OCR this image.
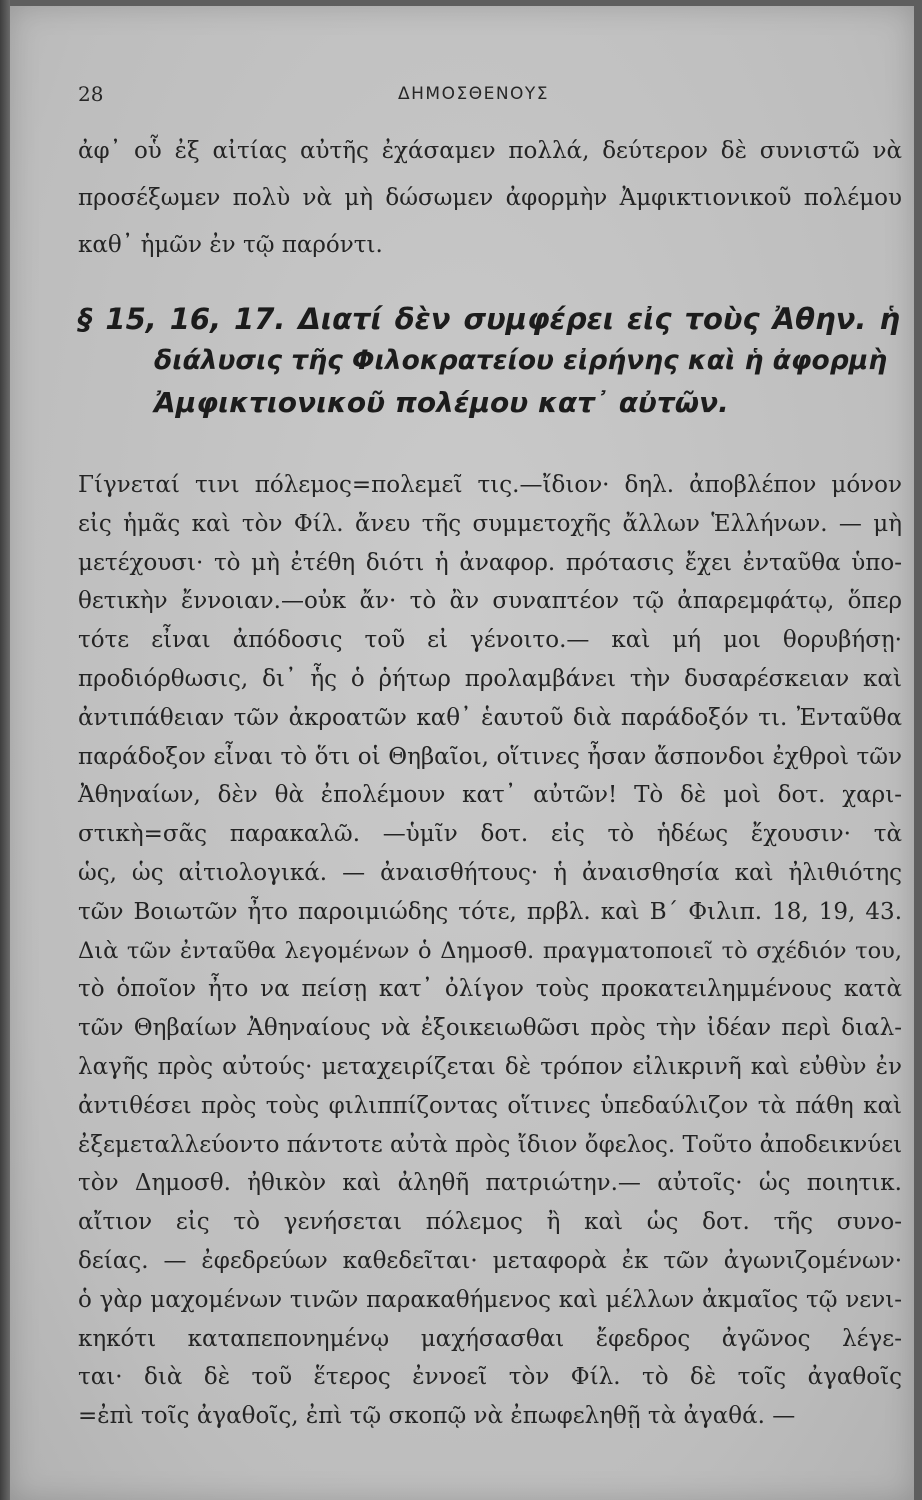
28	ΔΗΜΟΣΘΕΝΟΥΣ
ἀφ᾿ οὗ ἐξ αἰτίας αὐτῆς ἐχάσαμεν πολλά, δεύτερον δὲ συνιστῶ νὰ
προσέξωμεν πολὺ νὰ μὴ δώσωμεν ἀφορμὴν Ἀμφικτιονικοῦ πολέμου
καθ᾿ ἡμῶν ἐν τῷ παρόντι.
§ 15, 16, 17. Διατί δὲν συμφέρει εἰς τοὺς Ἀθην. ἡ
διάλυσις τῆς Φιλοκρατείου εἰρήνης καὶ ἡ ἀφορμὴ
Ἀμφικτιονικοῦ πολέμου κατ᾿ αὐτῶν.
Γίγνεταί τινι πόλεμος=πολεμεῖ τις.—ἴδιον· δηλ. ἀποβλέπον μόνον
εἰς ἡμᾶς καὶ τὸν Φίλ. ἄνευ τῆς συμμετοχῆς ἄλλων Ἑλλήνων. — μὴ
μετέχουσι· τὸ μὴ ἐτέθη διότι ἡ ἀναφορ. πρότασις ἔχει ἐνταῦθα ὑπο-
θετικὴν ἔννοιαν.—οὐκ ἄν· τὸ ἂν συναπτέον τῷ ἀπαρεμφάτῳ, ὅπερ
τότε εἶναι ἀπόδοσις τοῦ εἰ γένοιτο.— καὶ μή μοι θορυβήσῃ·
προδιόρθωσις, δι᾿ ἧς ὁ ῥήτωρ προλαμβάνει τὴν δυσαρέσκειαν καὶ
ἀντιπάθειαν τῶν ἀκροατῶν καθ᾿ ἑαυτοῦ διὰ παράδοξόν τι. Ἐνταῦθα
παράδοξον εἶναι τὸ ὅτι οἱ Θηβαῖοι, οἵτινες ἦσαν ἄσπονδοι ἐχθροὶ τῶν
Ἀθηναίων, δὲν θὰ ἐπολέμουν κατ᾿ αὐτῶν! Τὸ δὲ μοὶ δοτ. χαρι-
στικὴ=σᾶς παρακαλῶ. —ὑμῖν δοτ. εἰς τὸ ἡδέως ἔχουσιν· τὰ
ὡς, ὡς αἰτιολογικά. — ἀναισθήτους· ἡ ἀναισθησία καὶ ἠλιθιότης
τῶν Βοιωτῶν ἦτο παροιμιώδης τότε, πρβλ. καὶ Β΄ Φιλιπ. 18, 19, 43.
Διὰ τῶν ἐνταῦθα λεγομένων ὁ Δημοσθ. πραγματοποιεῖ τὸ σχέδιόν του,
τὸ ὁποῖον ἦτο να πείσῃ κατ᾿ ὀλίγον τοὺς προκατειλημμένους κατὰ
τῶν Θηβαίων Ἀθηναίους νὰ ἐξοικειωθῶσι πρὸς τὴν ἰδέαν περὶ διαλ-
λαγῆς πρὸς αὐτούς· μεταχειρίζεται δὲ τρόπον εἰλικρινῆ καὶ εὐθὺν ἐν
ἀντιθέσει πρὸς τοὺς φιλιππίζοντας οἵτινες ὑπεδαύλιζον τὰ πάθη καὶ
ἐξεμεταλλεύοντο πάντοτε αὐτὰ πρὸς ἴδιον ὄφελος. Τοῦτο ἀποδεικνύει
τὸν Δημοσθ. ἠθικὸν καὶ ἀληθῆ πατριώτην.— αὐτοῖς· ὡς ποιητικ.
αἴτιον εἰς τὸ γενήσεται πόλεμος ἢ καὶ ὡς δοτ. τῆς συνο-
δείας. — ἐφεδρεύων καθεδεῖται· μεταφορὰ ἐκ τῶν ἀγωνιζομένων·
ὁ γὰρ μαχομένων τινῶν παρακαθήμενος καὶ μέλλων ἀκμαῖος τῷ νενι-
κηκότι καταπεπονημένῳ μαχήσασθαι ἔφεδρος ἀγῶνος λέγε-
ται· διὰ δὲ τοῦ ἕτερος ἐννοεῖ τὸν Φίλ. τὸ δὲ τοῖς ἀγαθοῖς
=ἐπὶ τοῖς ἀγαθοῖς, ἐπὶ τῷ σκοπῷ νὰ ἐπωφεληθῇ τὰ ἀγαθά. —
